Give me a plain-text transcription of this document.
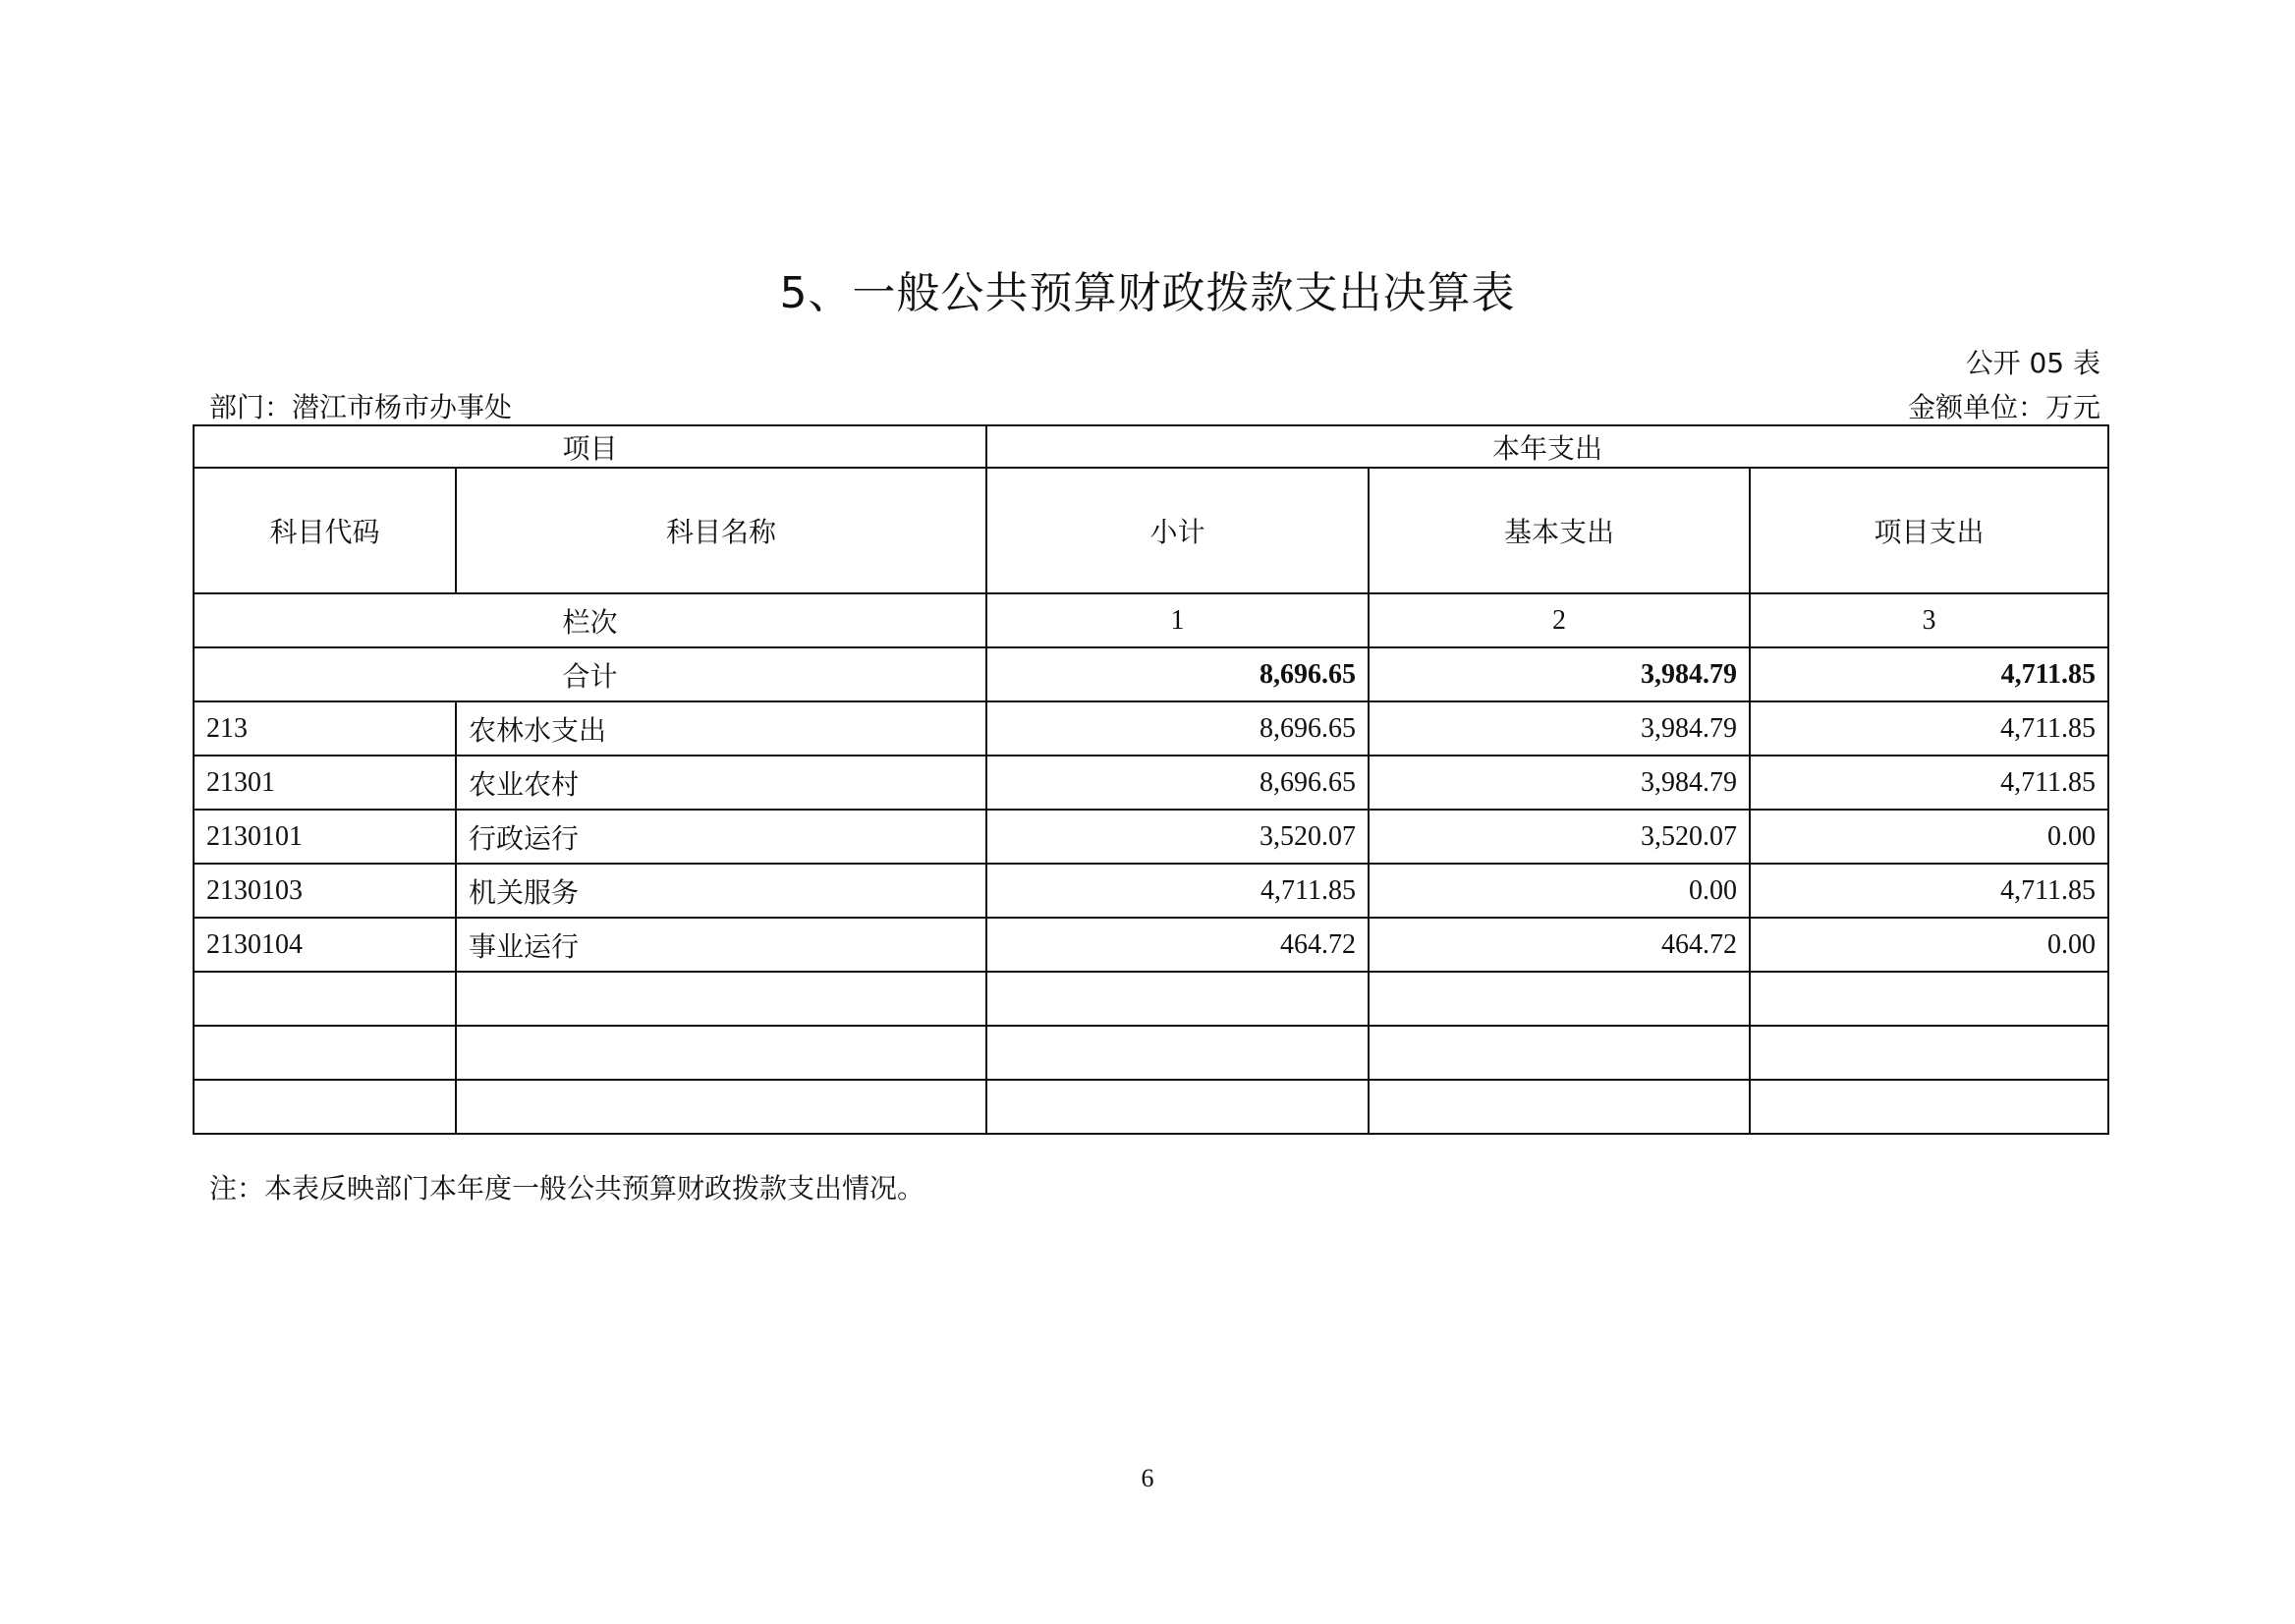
5、一般公共预算财政拨款支出决算表
公开 05 表
部门：潜江市杨市办事处	金额单位：万元
项目		本年支出		
科目代码	科目名称	小计	基本支出	项目支出
栏次		1	2	3
合计		8,696.65	3,984.79	4,711.85
213	农林水支出	8,696.65	3,984.79	4,711.85
21301	农业农村	8,696.65	3,984.79	4,711.85
2130101	行政运行	3,520.07	3,520.07	0.00
2130103	机关服务	4,711.85	0.00	4,711.85
2130104	事业运行	464.72	464.72	0.00

注：本表反映部门本年度一般公共预算财政拨款支出情况。
6
